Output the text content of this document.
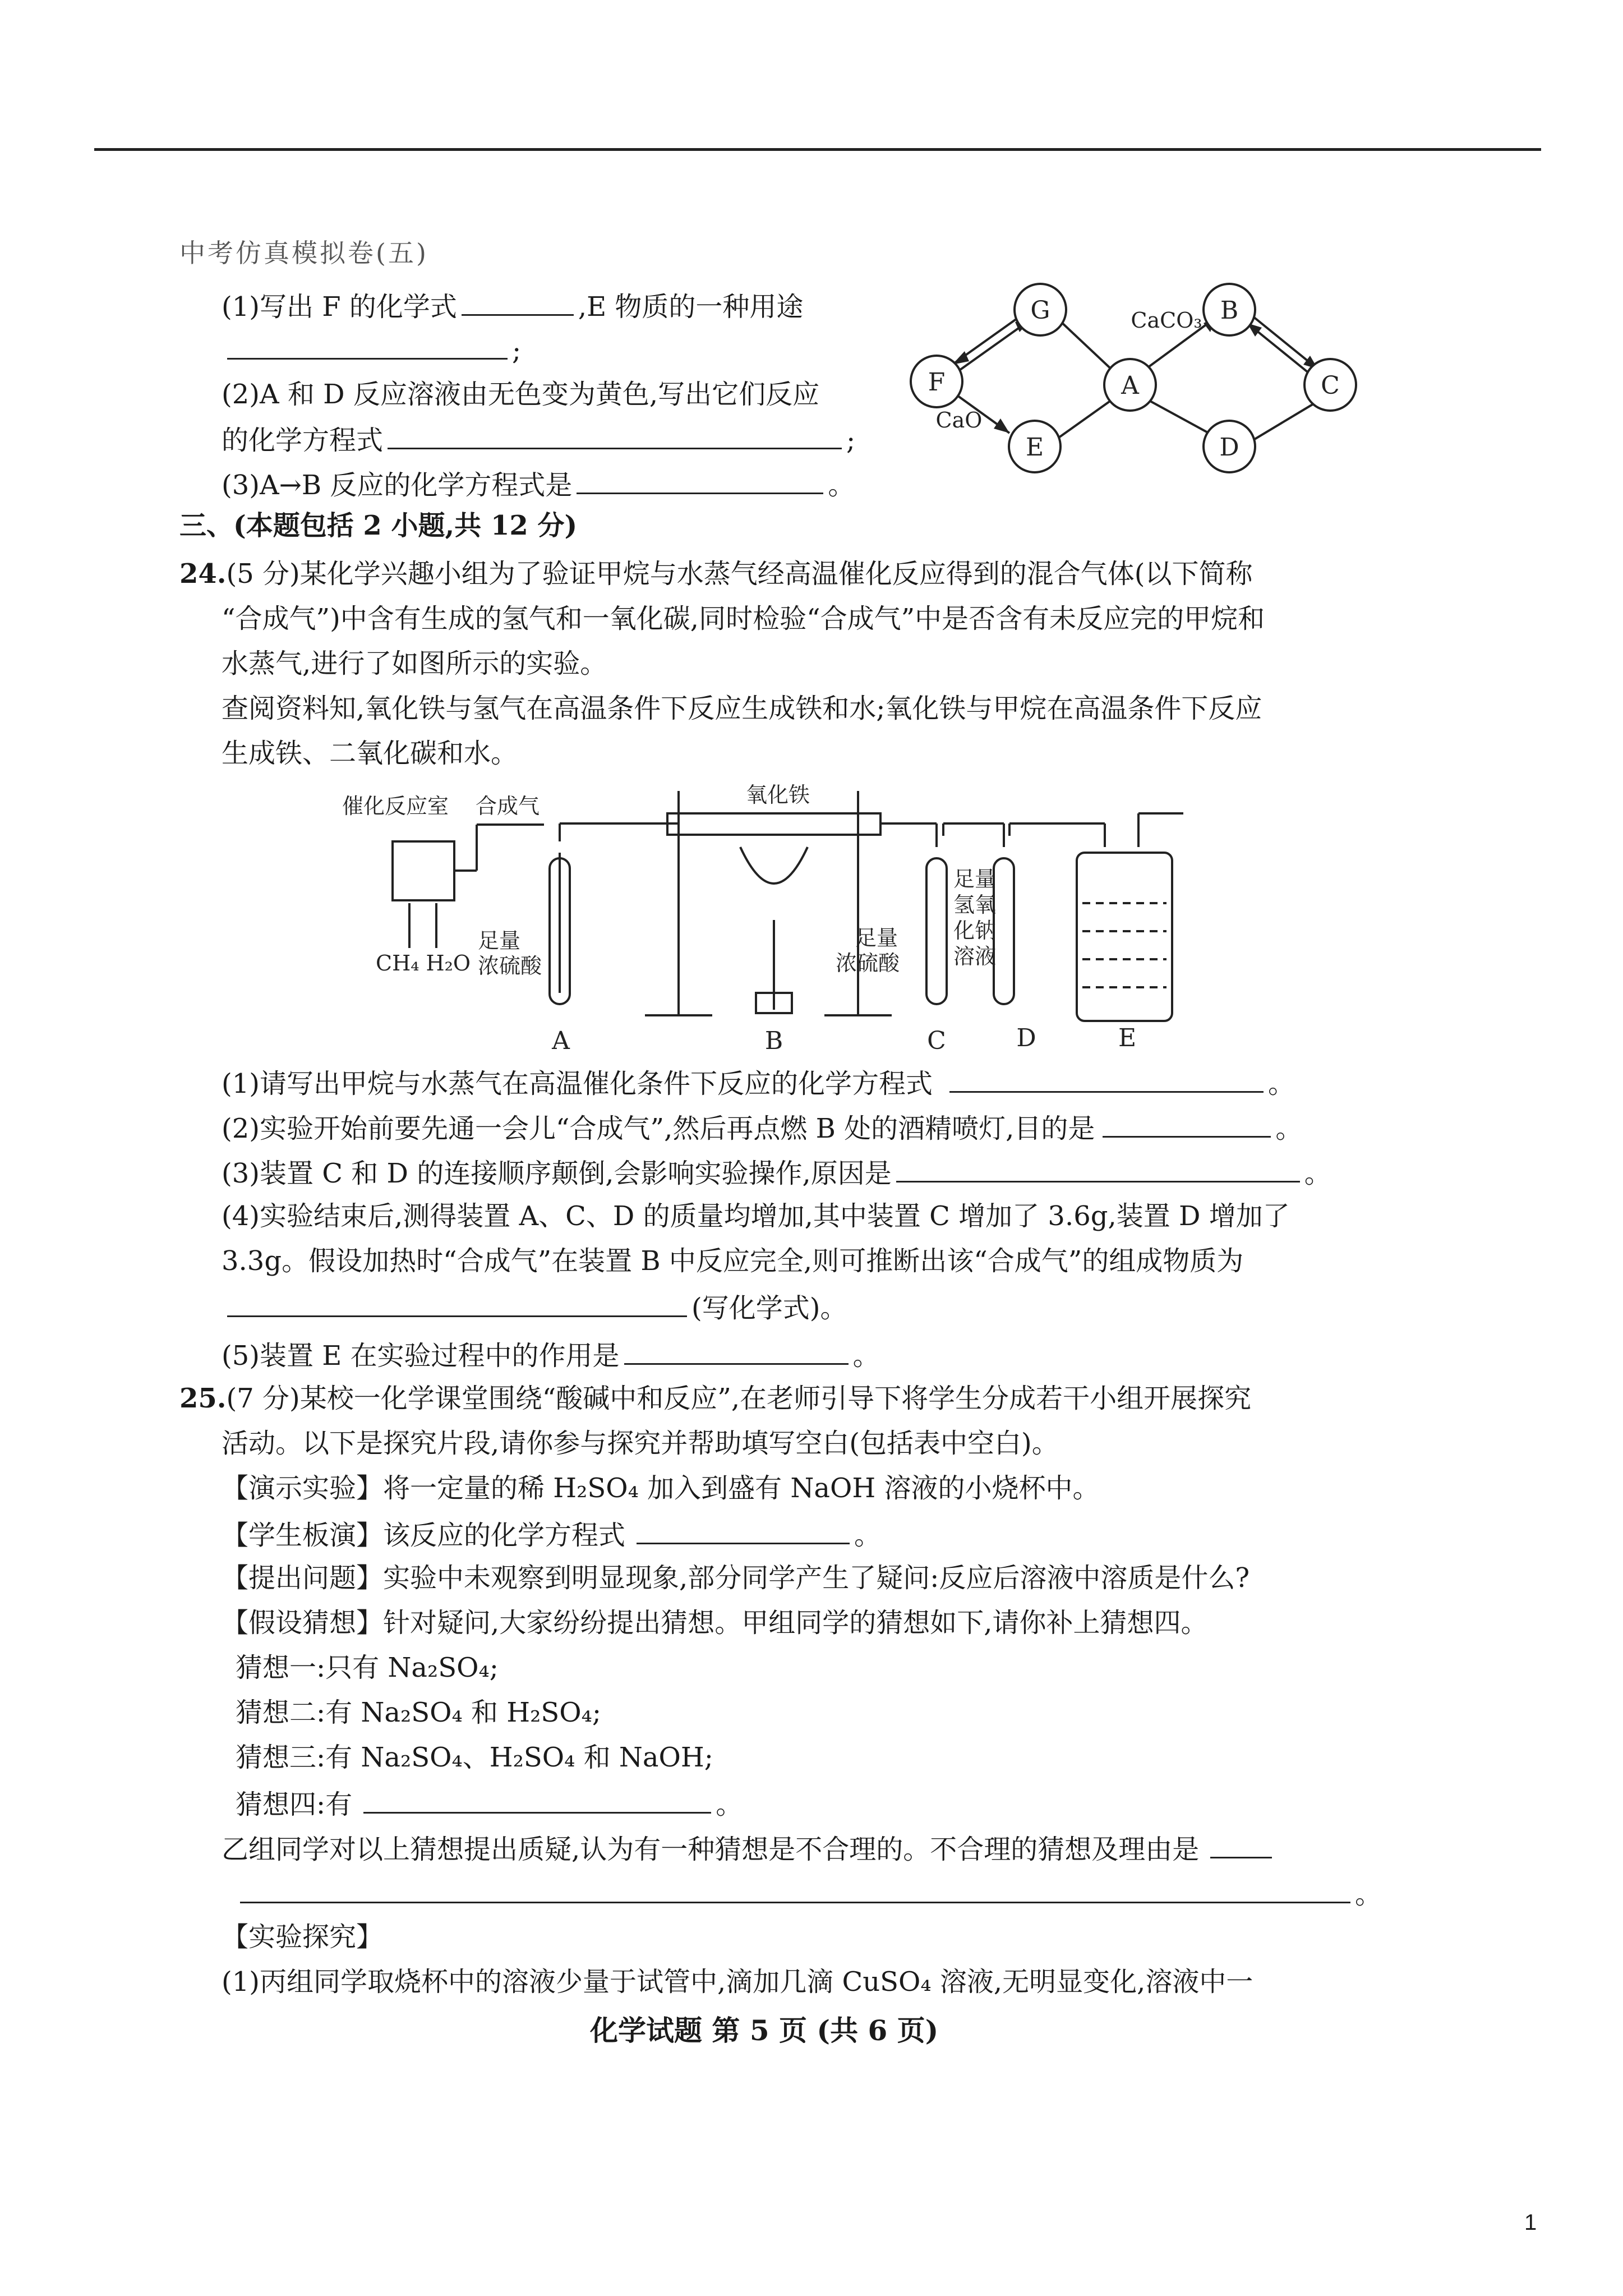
中考仿真模拟卷(五)
(1)写出 F 的化学式	,E 物质的一种用途
;
(2)A 和 D 反应溶液由无色变为黄色,写出它们反应
的化学方程式	;
(3)A→B 反应的化学方程式是	。
G	B
F	A	C
E	D
CaCO₃
CaO
三、(本题包括 2 小题,共 12 分)
24.(5 分)某化学兴趣小组为了验证甲烷与水蒸气经高温催化反应得到的混合气体(以下简称
“合成气”)中含有生成的氢气和一氧化碳,同时检验“合成气”中是否含有未反应完的甲烷和
水蒸气,进行了如图所示的实验。
查阅资料知,氧化铁与氢气在高温条件下反应生成铁和水;氧化铁与甲烷在高温条件下反应
生成铁、二氧化碳和水。
催化反应室 合成气
CH₄ H₂O
氧化铁
足量
浓硫酸
足量
浓硫酸
足量
氢氧
化钠
溶液
A	B	C	D	E
(1)请写出甲烷与水蒸气在高温催化条件下反应的化学方程式	。
(2)实验开始前要先通一会儿“合成气”,然后再点燃 B 处的酒精喷灯,目的是	。
(3)装置 C 和 D 的连接顺序颠倒,会影响实验操作,原因是	。
(4)实验结束后,测得装置 A、C、D 的质量均增加,其中装置 C 增加了 3.6g,装置 D 增加了
3.3g。假设加热时“合成气”在装置 B 中反应完全,则可推断出该“合成气”的组成物质为
(写化学式)。
(5)装置 E 在实验过程中的作用是	。
25.(7 分)某校一化学课堂围绕“酸碱中和反应”,在老师引导下将学生分成若干小组开展探究
活动。以下是探究片段,请你参与探究并帮助填写空白(包括表中空白)。
【演示实验】将一定量的稀 H₂SO₄ 加入到盛有 NaOH 溶液的小烧杯中。
【学生板演】该反应的化学方程式	。
【提出问题】实验中未观察到明显现象,部分同学产生了疑问:反应后溶液中溶质是什么?
【假设猜想】针对疑问,大家纷纷提出猜想。甲组同学的猜想如下,请你补上猜想四。
猜想一:只有 Na₂SO₄;
猜想二:有 Na₂SO₄ 和 H₂SO₄;
猜想三:有 Na₂SO₄、H₂SO₄ 和 NaOH;
猜想四:有	。
乙组同学对以上猜想提出质疑,认为有一种猜想是不合理的。不合理的猜想及理由是
。
【实验探究】
(1)丙组同学取烧杯中的溶液少量于试管中,滴加几滴 CuSO₄ 溶液,无明显变化,溶液中一
化学试题 第 5 页 (共 6 页)
1
